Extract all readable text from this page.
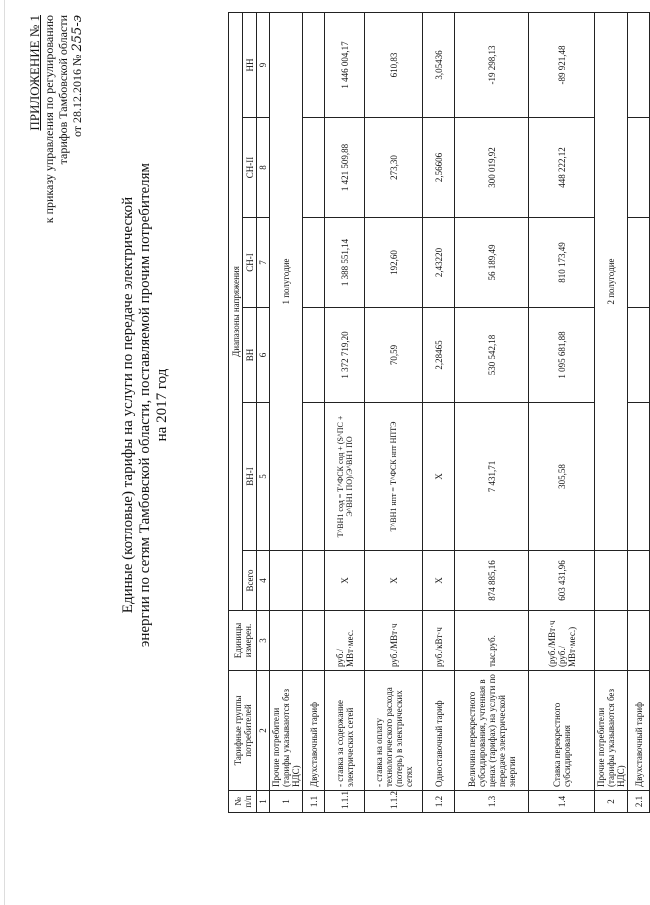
ПРИЛОЖЕНИЕ № 1 к приказу управления по регулированию тарифов Тамбовской области от 28.12.2016 № 255-э
Единые (котловые) тарифы на услуги по передаче электрической энергии по сетям Тамбовской области, поставляемой прочим потребителям на 2017 год
№ п/п	Тарифные группы потребителей	Единицы измерен.	Диапазоны напряжения					
			Всего	ВН-I	ВН	СН-I	СН-II	НН
1	2	3	4	5	6	7	8	9
1	Прочие потребители (тарифы указываются без НДС)			1 полугодие				
1.1	Двухставочный тариф							
1.1.1	- ставка за содержание электрических сетей	руб./МВт·мес.	X	Т^ВН1 сод = Т^ФСК сод + (S^ПС + Э^ВН1 ПО)/Э^ВН1 ПО	1 372 719,20	1 388 551,14	1 421 509,88	1 446 004,17
1.1.2	- ставка на оплату технологического расхода (потерь) в электрических сетях	руб./МВт·ч	X	Т^ВН1 нпт = Т^ФСК нпт НПТЭ	70,59	192,60	273,30	610,83
1.2	Одноставочный тариф	руб./кВт·ч	X	X	2,28465	2,43220	2,56606	3,05436
1.3	Величина перекрестного субсидирования, учтенная в ценах (тарифах) на услуги по передаче электрической энергии	тыс.руб.	874 885,16	7 431,71	530 542,18	56 189,49	300 019,92	-19 298,13
1.4	Ставка перекрестного субсидирования	(руб./МВт·ч (руб./МВт·мес.)	603 431,96	305,58	1 095 681,88	810 173,49	448 222,12	-89 921,48
2	Прочие потребители (тарифы указываются без НДС)			2 полугодие				
2.1	Двухставочный тариф							
